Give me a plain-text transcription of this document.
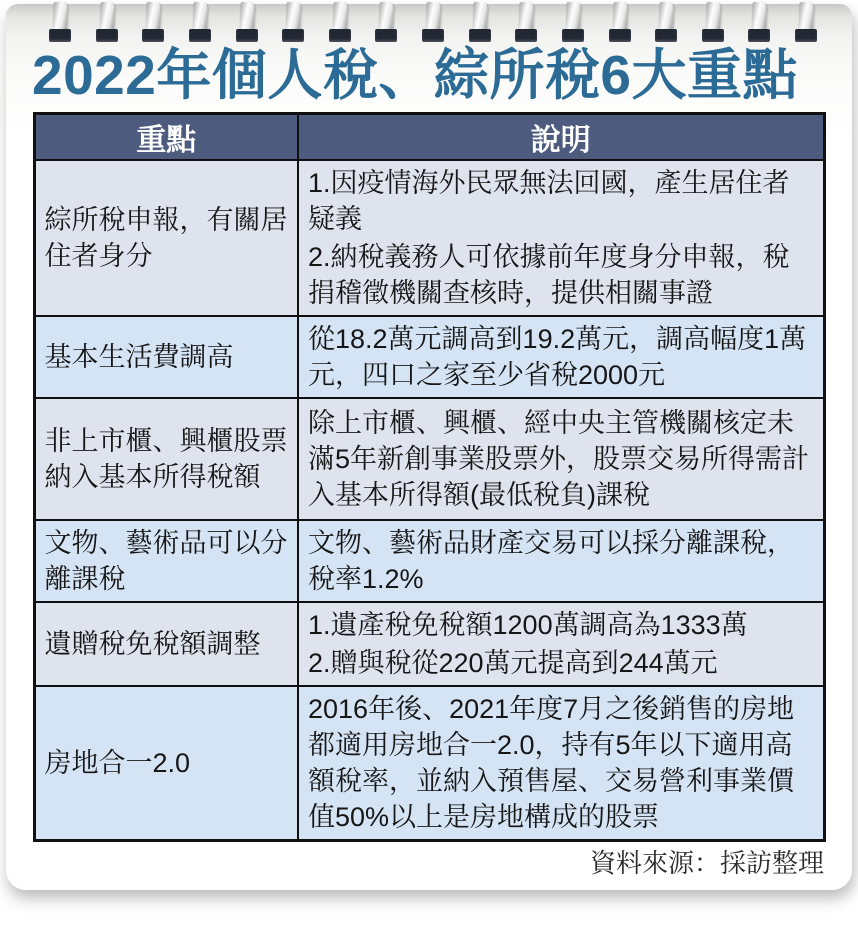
2022年個人稅、綜所稅6大重點
重點	說明
綜所稅申報，有關居住者身分	1.因疫情海外民眾無法回國，產生居住者疑義

2.納稅義務人可依據前年度身分申報，稅捐稽徵機關查核時，提供相關事證

基本生活費調高	從18.2萬元調高到19.2萬元，調高幅度1萬元，四口之家至少省稅2000元

非上市櫃、興櫃股票納入基本所得稅額	除上市櫃、興櫃、經中央主管機關核定未滿5年新創事業股票外，股票交易所得需計入基本所得額(最低稅負)課稅

文物、藝術品可以分離課稅	文物、藝術品財產交易可以採分離課稅，稅率1.2%

遺贈稅免稅額調整	1.遺產稅免稅額1200萬調高為1333萬

2.贈與稅從220萬元提高到244萬元

房地合一2.0	2016年後、2021年度7月之後銷售的房地都適用房地合一2.0，持有5年以下適用高額稅率，並納入預售屋、交易營利事業價值50%以上是房地構成的股票

資料來源：採訪整理
